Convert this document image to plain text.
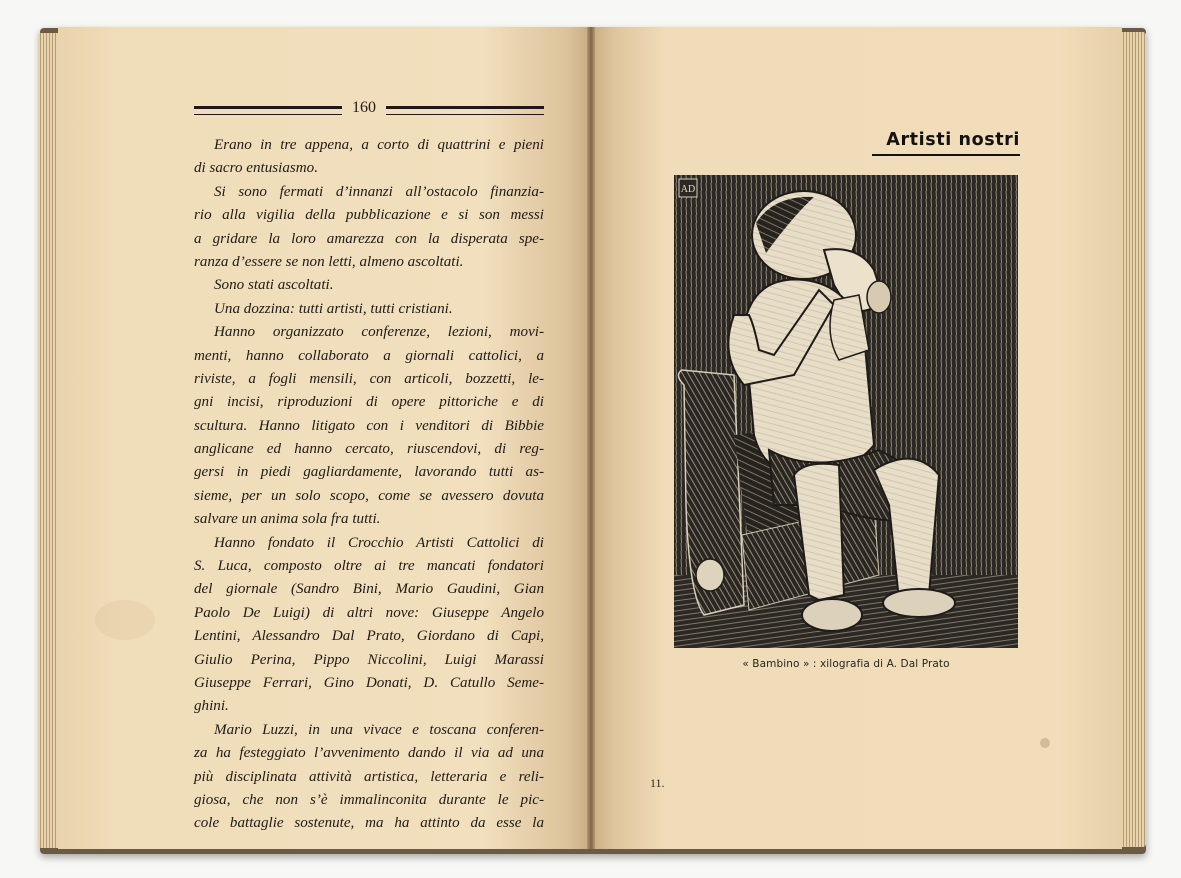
160
Erano in tre appena, a corto di quattrini e pieni
di sacro entusiasmo.
Si sono fermati d’innanzi all’ostacolo finanzia-
rio alla vigilia della pubblicazione e si son messi
a gridare la loro amarezza con la disperata spe-
ranza d’essere se non letti, almeno ascoltati.
Sono stati ascoltati.
Una dozzina: tutti artisti, tutti cristiani.
Hanno organizzato conferenze, lezioni, movi-
menti, hanno collaborato a giornali cattolici, a
riviste, a fogli mensili, con articoli, bozzetti, le-
gni incisi, riproduzioni di opere pittoriche e di
scultura. Hanno litigato con i venditori di Bibbie
anglicane ed hanno cercato, riuscendovi, di reg-
gersi in piedi gagliardamente, lavorando tutti as-
sieme, per un solo scopo, come se avessero dovuta
salvare un anima sola fra tutti.
Hanno fondato il Crocchio Artisti Cattolici di
S. Luca, composto oltre ai tre mancati fondatori
del giornale (Sandro Bini, Mario Gaudini, Gian
Paolo De Luigi) di altri nove: Giuseppe Angelo
Lentini, Alessandro Dal Prato, Giordano di Capi,
Giulio Perina, Pippo Niccolini, Luigi Marassi
Giuseppe Ferrari, Gino Donati, D. Catullo Seme-
ghini.
Mario Luzzi, in una vivace e toscana conferen-
za ha festeggiato l’avvenimento dando il via ad una
più disciplinata attività artistica, letteraria e reli-
giosa, che non s’è immalinconita durante le pic-
cole battaglie sostenute, ma ha attinto da esse la
Artisti nostri
AD
« Bambino » : xilografia di A. Dal Prato
11.
